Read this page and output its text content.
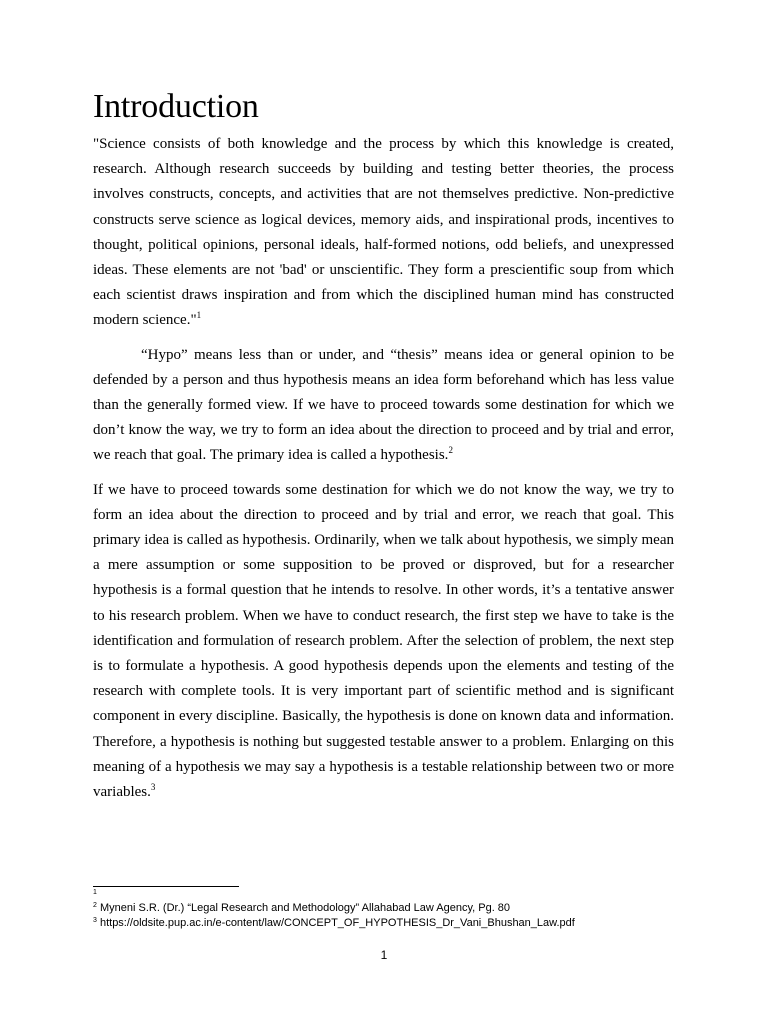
Introduction

"Science consists of both knowledge and the process by which this knowledge is created, research. Although research succeeds by building and testing better theories, the process involves constructs, concepts, and activities that are not themselves predictive. Non-predictive constructs serve science as logical devices, memory aids, and inspirational prods, incentives to thought, political opinions, personal ideals, half-formed notions, odd beliefs, and unexpressed ideas. These elements are not 'bad' or unscientific. They form a prescientific soup from which each scientist draws inspiration and from which the disciplined human mind has constructed modern science."$^1$

“Hypo” means less than or under, and “thesis” means idea or general opinion to be defended by a person and thus hypothesis means an idea form beforehand which has less value than the generally formed view. If we have to proceed towards some destination for which we don’t know the way, we try to form an idea about the direction to proceed and by trial and error, we reach that goal. The primary idea is called a hypothesis.$^2$

If we have to proceed towards some destination for which we do not know the way, we try to form an idea about the direction to proceed and by trial and error, we reach that goal. This primary idea is called as hypothesis. Ordinarily, when we talk about hypothesis, we simply mean a mere assumption or some supposition to be proved or disproved, but for a researcher hypothesis is a formal question that he intends to resolve. In other words, it’s a tentative answer to his research problem. When we have to conduct research, the first step we have to take is the identification and formulation of research problem. After the selection of problem, the next step is to formulate a hypothesis. A good hypothesis depends upon the elements and testing of the research with complete tools. It is very important part of scientific method and is significant component in every discipline. Basically, the hypothesis is done on known data and information. Therefore, a hypothesis is nothing but suggested testable answer to a problem. Enlarging on this meaning of a hypothesis we may say a hypothesis is a testable relationship between two or more variables.$^3$

$^1$
$^2$ Myneni S.R. (Dr.) “Legal Research and Methodology” Allahabad Law Agency, Pg. 80
$^3$ https://oldsite.pup.ac.in/e-content/law/CONCEPT_OF_HYPOTHESIS_Dr_Vani_Bhushan_Law.pdf
1
